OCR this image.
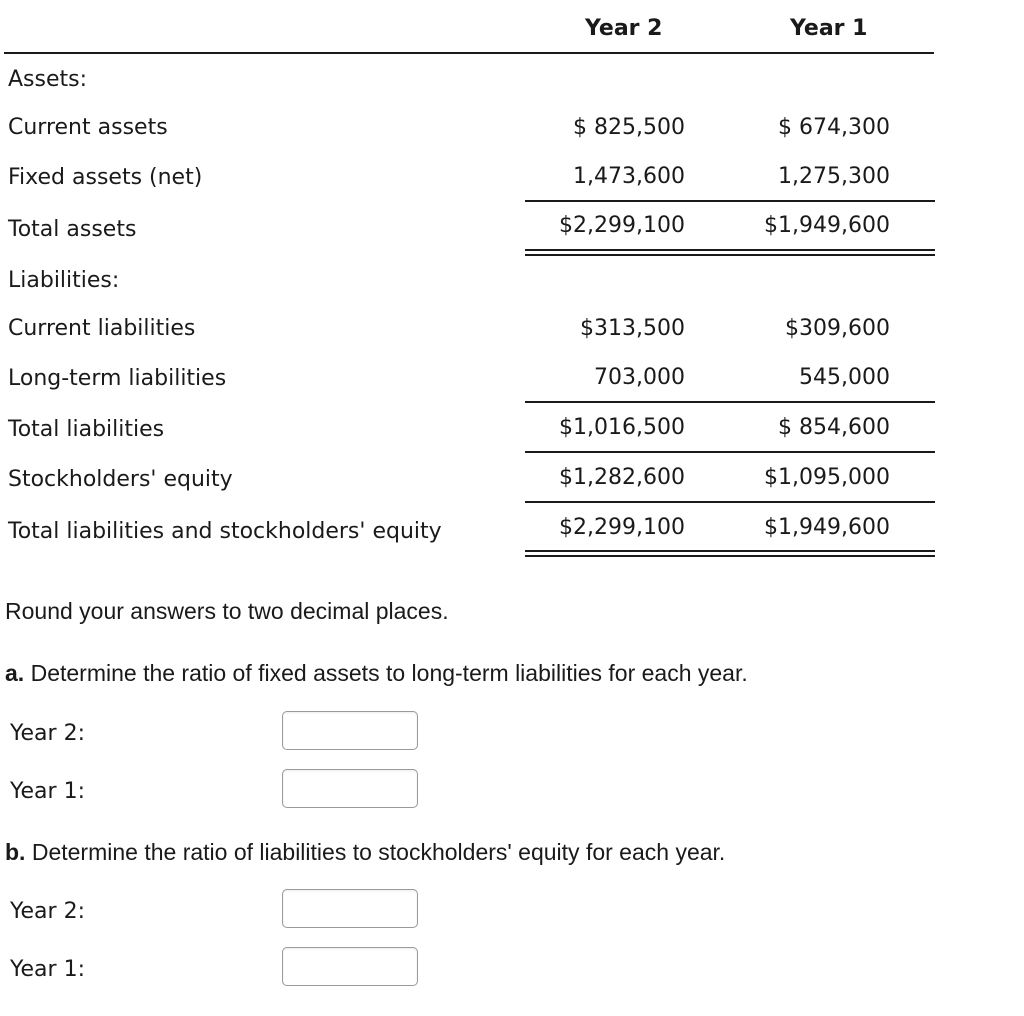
Year 2	Year 1
Assets:
Current assets
Fixed assets (net)
Total assets
Liabilities:
Current liabilities
Long-term liabilities
Total liabilities
Stockholders' equity
Total liabilities and stockholders' equity
$ 825,500
1,473,600
$2,299,100
$313,500
703,000
$1,016,500
$1,282,600
$2,299,100
$ 674,300
1,275,300
$1,949,600
$309,600
545,000
$ 854,600
$1,095,000
$1,949,600
Round your answers to two decimal places.
a. Determine the ratio of fixed assets to long-term liabilities for each year.
Year 2:
Year 1:
b. Determine the ratio of liabilities to stockholders' equity for each year.
Year 2:
Year 1:
